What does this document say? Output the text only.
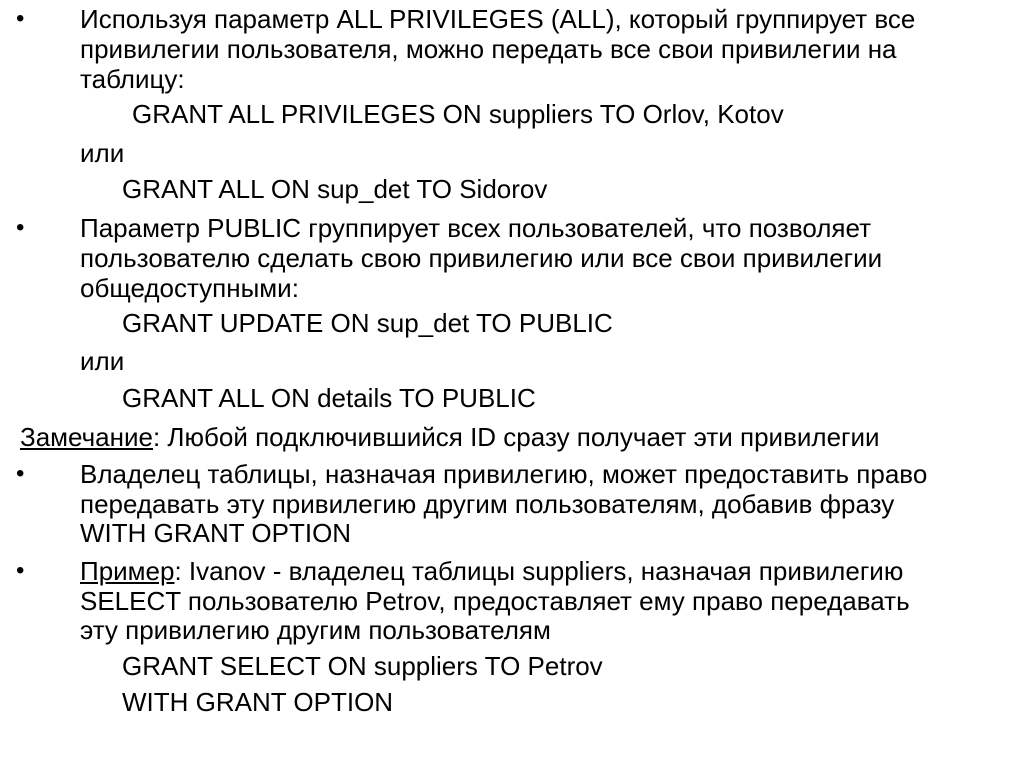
• Используя параметр ALL PRIVILEGES (ALL), который группирует все
привилегии пользователя, можно передать все свои привилегии на
таблицу:
GRANT ALL PRIVILEGES ON suppliers TO Orlov, Kotov
или
GRANT ALL ON sup_det TO Sidorov
• Параметр PUBLIC группирует всех пользователей, что позволяет
пользователю сделать свою привилегию или все свои привилегии
общедоступными:
GRANT UPDATE ON sup_det TO PUBLIC
или
GRANT ALL ON details TO PUBLIC
Замечание: Любой подключившийся ID сразу получает эти привилегии
• Владелец таблицы, назначая привилегию, может предоставить право
передавать эту привилегию другим пользователям, добавив фразу
WITH GRANT OPTION
• Пример: Ivanov - владелец таблицы suppliers, назначая привилегию
SELECT пользователю Petrov, предоставляет ему право передавать
эту привилегию другим пользователям
GRANT SELECT ON suppliers TO Petrov
WITH GRANT OPTION
